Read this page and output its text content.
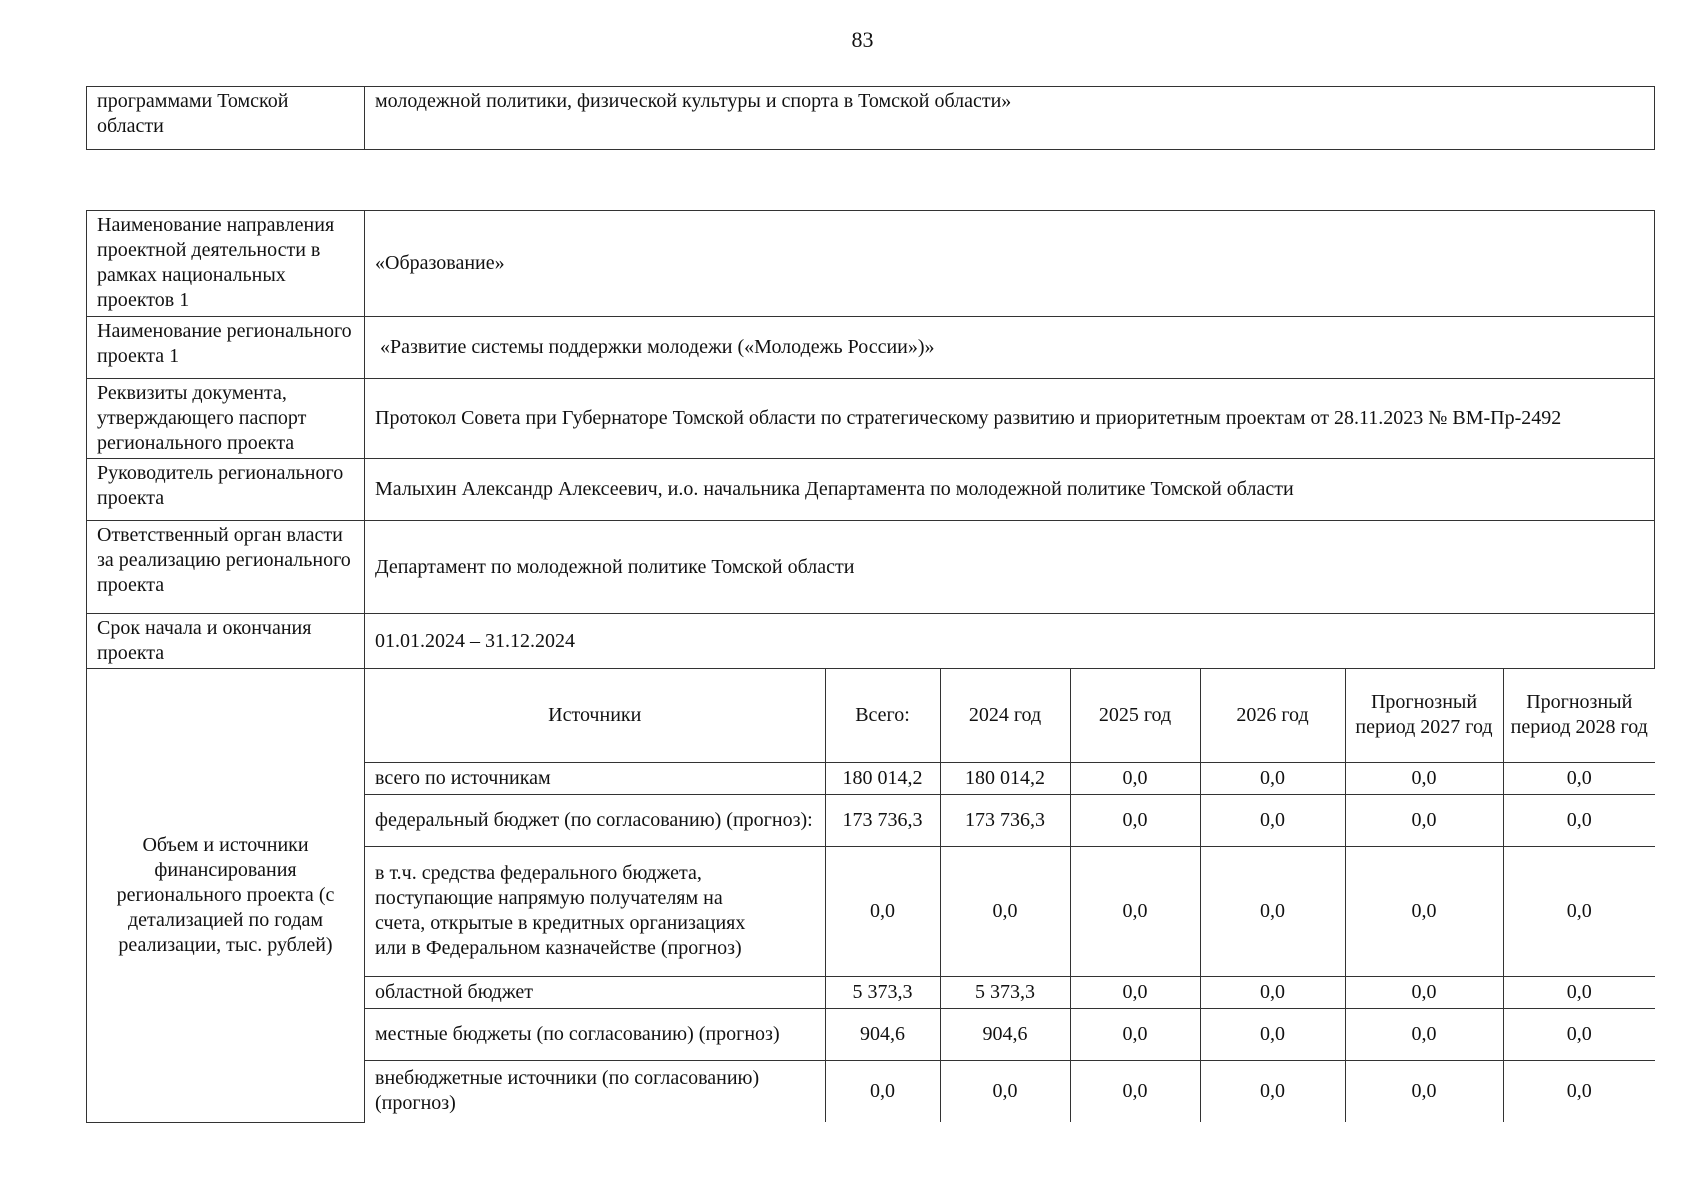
83
программами Томской области	молодежной политики, физической культуры и спорта в Томской области»
Наименование направления проектной деятельности в рамках национальных проектов 1	«Образование»
Наименование регионального проекта 1	«Развитие системы поддержки молодежи («Молодежь России»)»
Реквизиты документа, утверждающего паспорт регионального проекта	Протокол Совета при Губернаторе Томской области по стратегическому развитию и приоритетным проектам от 28.11.2023 № ВМ-Пр-2492
Руководитель регионального проекта	Малыхин Александр Алексеевич, и.о. начальника Департамента по молодежной политике Томской области
Ответственный орган власти за реализацию регионального проекта	Департамент по молодежной политике Томской области
Срок начала и окончания проекта	01.01.2024 – 31.12.2024
Объем и источники финансирования регионального проекта (с детализацией по годам реализации, тыс. рублей)	
Источники	Всего:	2024 год	2025 год	2026 год	Прогнозный период 2027 год	Прогнозный период 2028 год
всего по источникам	180 014,2	180 014,2	0,0	0,0	0,0	0,0
федеральный бюджет (по согласованию) (прогноз):	173 736,3	173 736,3	0,0	0,0	0,0	0,0
в т.ч. средства федерального бюджета, поступающие напрямую получателям на счета, открытые в кредитных организациях или в Федеральном казначействе (прогноз)	0,0	0,0	0,0	0,0	0,0	0,0
областной бюджет	5 373,3	5 373,3	0,0	0,0	0,0	0,0
местные бюджеты (по согласованию) (прогноз)	904,6	904,6	0,0	0,0	0,0	0,0
внебюджетные источники (по согласованию) (прогноз)	0,0	0,0	0,0	0,0	0,0	0,0
